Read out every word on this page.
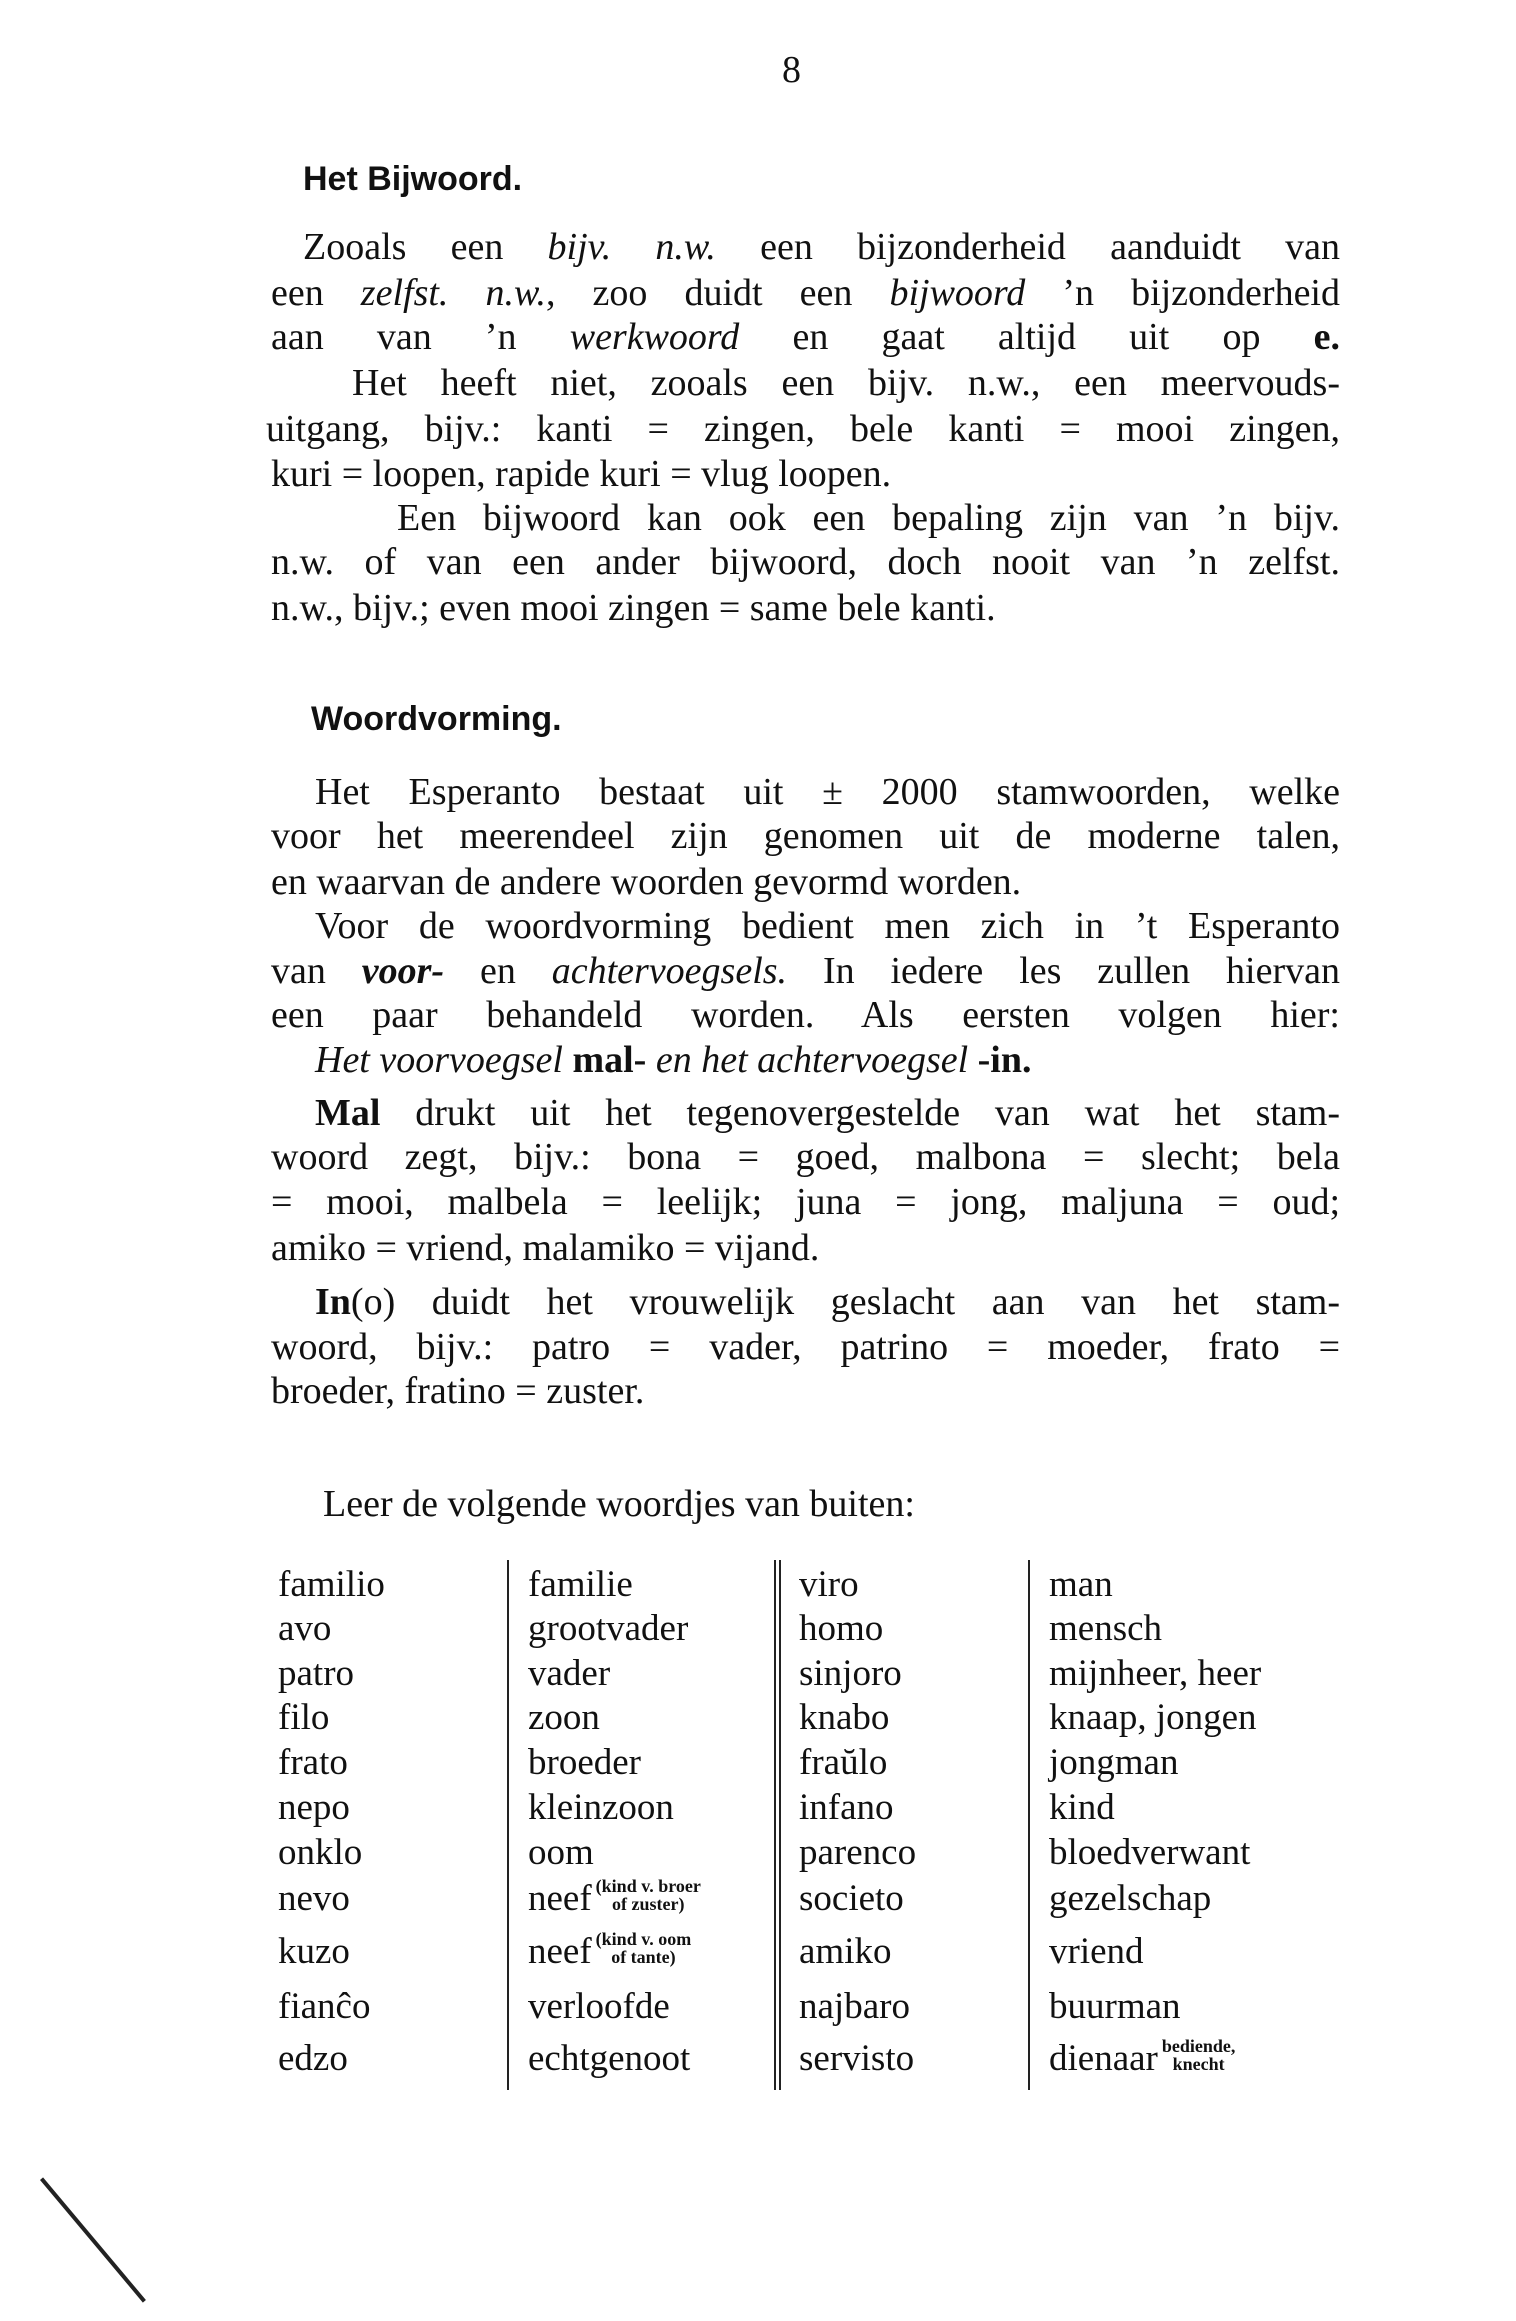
8
Het Bijwoord.
Woordvorming.
Zooals een bijv. n.w. een bijzonderheid aanduidt van
een zelfst. n.w., zoo duidt een bijwoord ’n bijzonderheid
aan van ’n werkwoord en gaat altijd uit op e.
Het heeft niet, zooals een bijv. n.w., een meervouds-
uitgang, bijv.: kanti = zingen, bele kanti = mooi zingen,
kuri = loopen, rapide kuri = vlug loopen.
Een bijwoord kan ook een bepaling zijn van ’n bijv.
n.w. of van een ander bijwoord, doch nooit van ’n zelfst.
n.w., bijv.; even mooi zingen = same bele kanti.
Het Esperanto bestaat uit ± 2000 stamwoorden, welke
voor het meerendeel zijn genomen uit de moderne talen,
en waarvan de andere woorden gevormd worden.
Voor de woordvorming bedient men zich in ’t Esperanto
van voor- en achtervoegsels. In iedere les zullen hiervan
een paar behandeld worden. Als eersten volgen hier:
Het voorvoegsel mal- en het achtervoegsel -in.
Mal drukt uit het tegenovergestelde van wat het stam-
woord zegt, bijv.: bona = goed, malbona = slecht; bela
= mooi, malbela = leelijk; juna = jong, maljuna = oud;
amiko = vriend, malamiko = vijand.
In(o) duidt het vrouwelijk geslacht aan van het stam-
woord, bijv.: patro = vader, patrino = moeder, frato =
broeder, fratino = zuster.
Leer de volgende woordjes van buiten:
familio	familie	viro	man
avo	grootvader	homo	mensch
patro	vader	sinjoro	mijnheer, heer
filo	zoon	knabo	knaap, jongen
frato	broeder	fraŭlo	jongman
nepo	kleinzoon	infano	kind
onklo	oom	parenco	bloedverwant
nevo	neef (kind v. broer
of zuster)	societo	gezelschap
kuzo	neef (kind v. oom
of tante)	amiko	vriend
fianĉo	verloofde	najbaro	buurman
edzo	echtgenoot	servisto	dienaar bediende,
knecht
